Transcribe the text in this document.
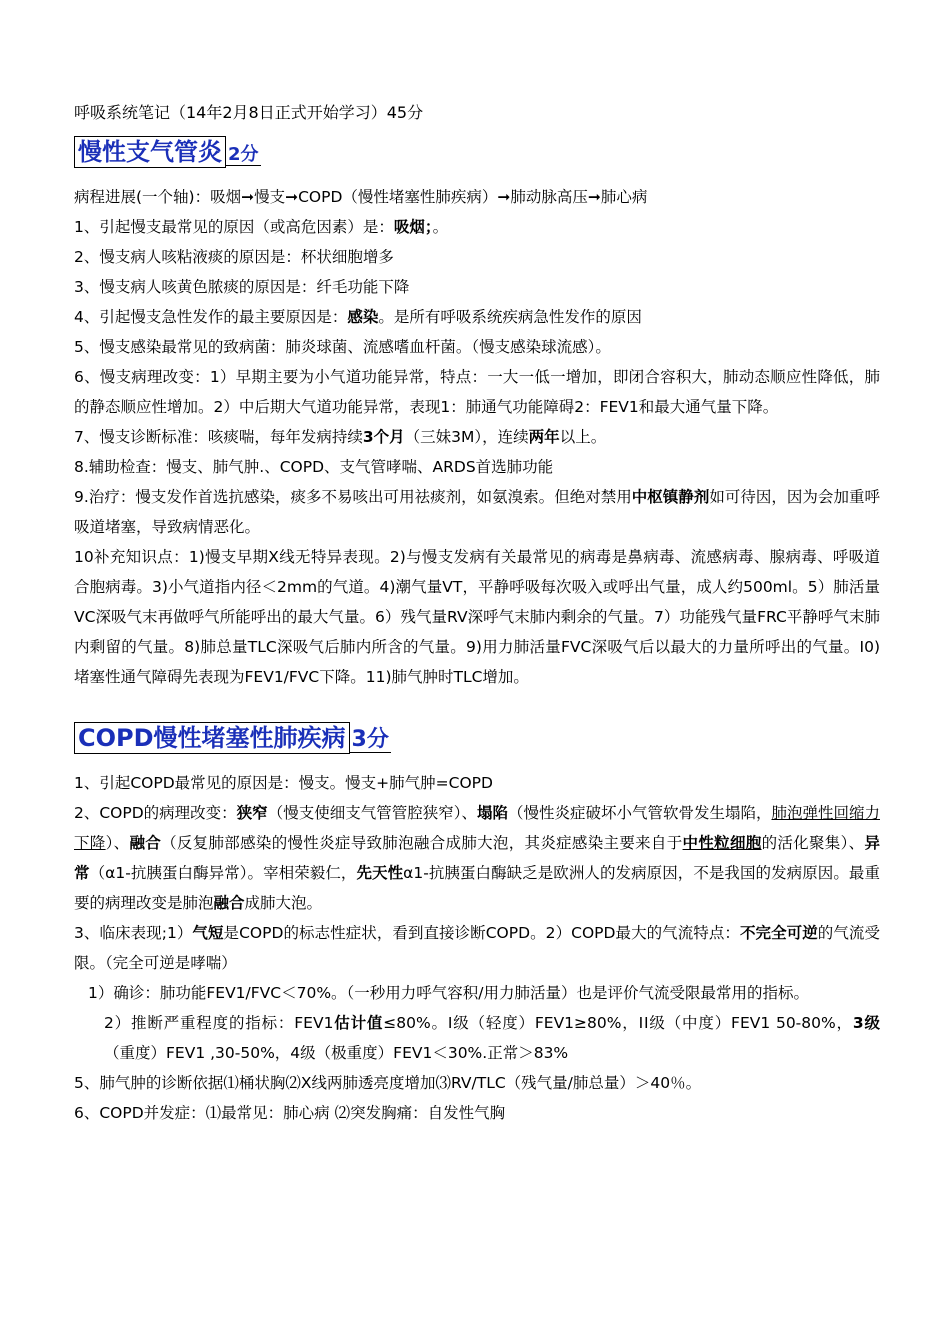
呼吸系统笔记（14年2月8日正式开始学习）45分

慢性支气管炎 2分

病程进展(一个轴)：吸烟➞慢支➞COPD（慢性堵塞性肺疾病）➞肺动脉高压➞肺心病

1、引起慢支最常见的原因（或高危因素）是：吸烟；。

2、慢支病人咳粘液痰的原因是：杯状细胞增多

3、慢支病人咳黄色脓痰的原因是：纤毛功能下降

4、引起慢支急性发作的最主要原因是：感染。是所有呼吸系统疾病急性发作的原因

5、慢支感染最常见的致病菌：肺炎球菌、流感嗜血杆菌。（慢支感染球流感）。

6、慢支病理改变：1）早期主要为小气道功能异常，特点：一大一低一增加，即闭合容积大，肺动态顺应性降低，肺的静态顺应性增加。2）中后期大气道功能异常，表现1：肺通气功能障碍2：FEV1和最大通气量下降。

7、慢支诊断标准：咳痰喘，每年发病持续3个月（三妹3M），连续两年以上。

8.辅助检查：慢支、肺气肿.、COPD、支气管哮喘、ARDS首选肺功能

9.治疗：慢支发作首选抗感染，痰多不易咳出可用祛痰剂，如氨溴索。但绝对禁用中枢镇静剂如可待因，因为会加重呼吸道堵塞，导致病情恶化。

10补充知识点：1)慢支早期X线无特异表现。2)与慢支发病有关最常见的病毒是鼻病毒、流感病毒、腺病毒、呼吸道合胞病毒。3)小气道指内径＜2mm的气道。4)潮气量VT，平静呼吸每次吸入或呼出气量，成人约500ml。5）肺活量VC深吸气末再做呼气所能呼出的最大气量。6）残气量RV深呼气末肺内剩余的气量。7）功能残气量FRC平静呼气末肺内剩留的气量。8)肺总量TLC深吸气后肺内所含的气量。9)用力肺活量FVC深吸气后以最大的力量所呼出的气量。I0)堵塞性通气障碍先表现为FEV1/FVC下降。11)肺气肿时TLC增加。

COPD慢性堵塞性肺疾病 3分

1、引起COPD最常见的原因是：慢支。慢支+肺气肿=COPD

2、COPD的病理改变：狭窄（慢支使细支气管管腔狭窄）、塌陷（慢性炎症破坏小气管软骨发生塌陷，肺泡弹性回缩力下降）、融合（反复肺部感染的慢性炎症导致肺泡融合成肺大泡，其炎症感染主要来自于中性粒细胞的活化聚集）、异常（α1-抗胰蛋白酶异常）。宰相荣毅仁，先天性α1-抗胰蛋白酶缺乏是欧洲人的发病原因，不是我国的发病原因。最重要的病理改变是肺泡融合成肺大泡。

3、临床表现;1）气短是COPD的标志性症状，看到直接诊断COPD。2）COPD最大的气流特点：不完全可逆的气流受限。（完全可逆是哮喘）

1）确诊：肺功能FEV1/FVC＜70%。（一秒用力呼气容积/用力肺活量）也是评价气流受限最常用的指标。

2）推断严重程度的指标：FEV1估计值≤80%。Ⅰ级（轻度）FEV1≥80%，ⅠⅠ级（中度）FEV1 50-80%，3级（重度）FEV1 ,30-50%，4级（极重度）FEV1＜30%.正常＞83%

5、肺气肿的诊断依据⑴桶状胸⑵X线两肺透亮度增加⑶RV/TLC（残气量/肺总量）＞40％。

6、COPD并发症：⑴最常见：肺心病 ⑵突发胸痛：自发性气胸
